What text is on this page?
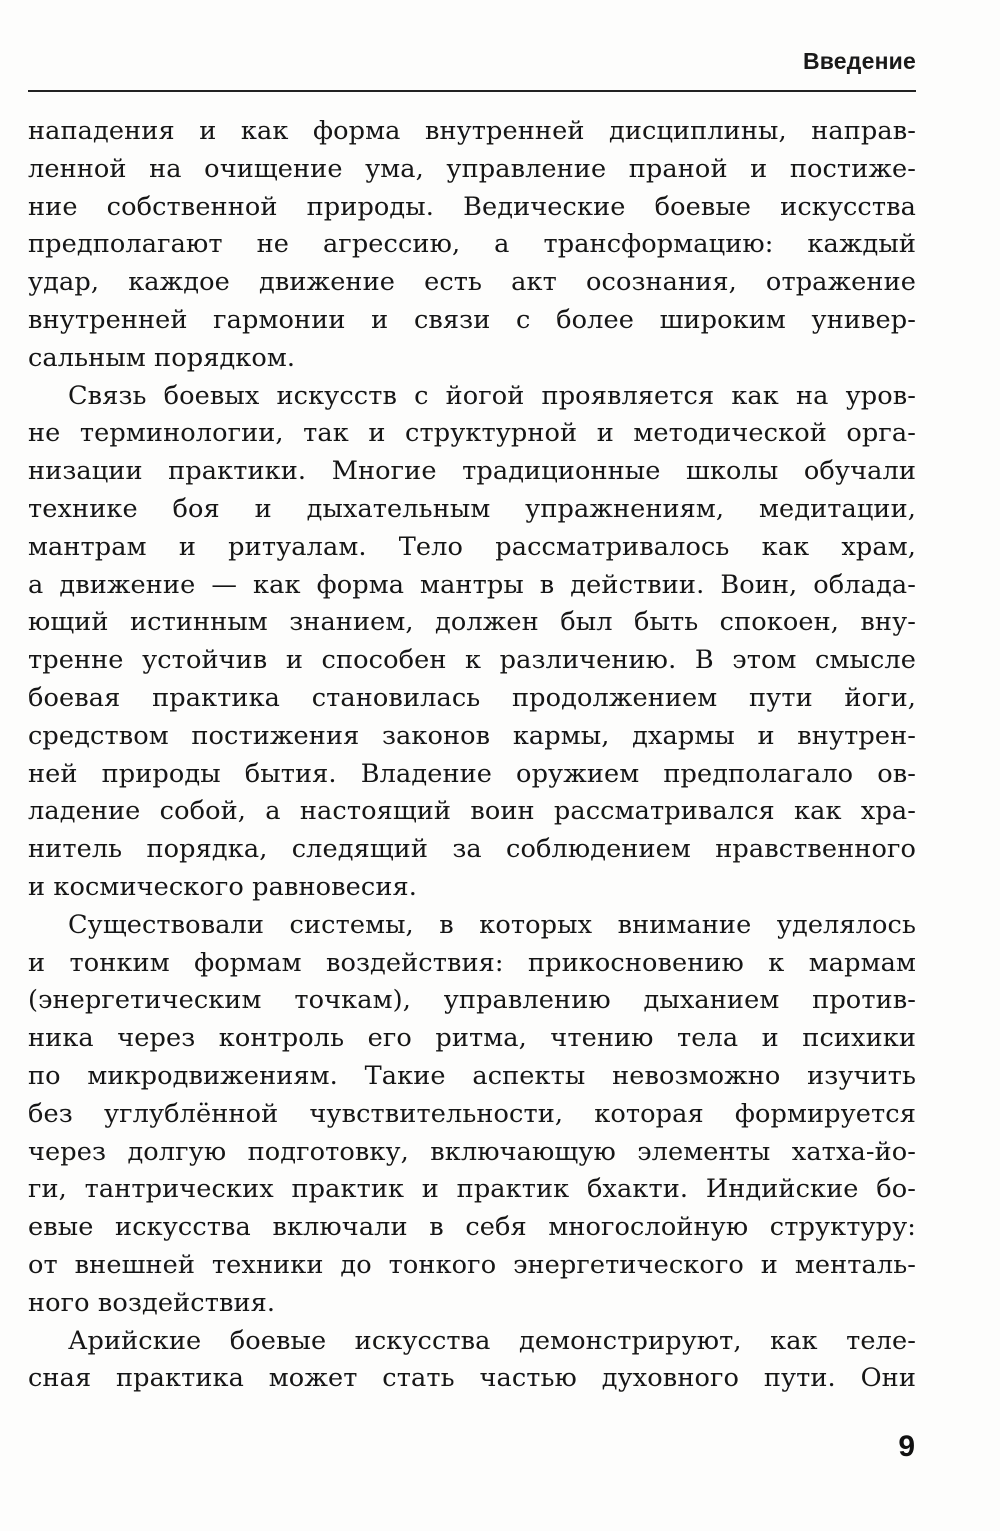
Введение
нападения и как форма внутренней дисциплины, направ-
ленной на очищение ума, управление праной и постиже-
ние собственной природы. Ведические боевые искусства
предполагают не агрессию, а трансформацию: каждый
удар, каждое движение есть акт осознания, отражение
внутренней гармонии и связи с более широким универ-
сальным порядком.
Связь боевых искусств с йогой проявляется как на уров-
не терминологии, так и структурной и методической орга-
низации практики. Многие традиционные школы обучали
технике боя и дыхательным упражнениям, медитации,
мантрам и ритуалам. Тело рассматривалось как храм,
а движение — как форма мантры в действии. Воин, облада-
ющий истинным знанием, должен был быть спокоен, вну-
тренне устойчив и способен к различению. В этом смысле
боевая практика становилась продолжением пути йоги,
средством постижения законов кармы, дхармы и внутрен-
ней природы бытия. Владение оружием предполагало ов-
ладение собой, а настоящий воин рассматривался как хра-
нитель порядка, следящий за соблюдением нравственного
и космического равновесия.
Существовали системы, в которых внимание уделялось
и тонким формам воздействия: прикосновению к мармам
(энергетическим точкам), управлению дыханием против-
ника через контроль его ритма, чтению тела и психики
по микродвижениям. Такие аспекты невозможно изучить
без углублённой чувствительности, которая формируется
через долгую подготовку, включающую элементы хатха-йо-
ги, тантрических практик и практик бхакти. Индийские бо-
евые искусства включали в себя многослойную структуру:
от внешней техники до тонкого энергетического и менталь-
ного воздействия.
Арийские боевые искусства демонстрируют, как теле-
сная практика может стать частью духовного пути. Они
9
